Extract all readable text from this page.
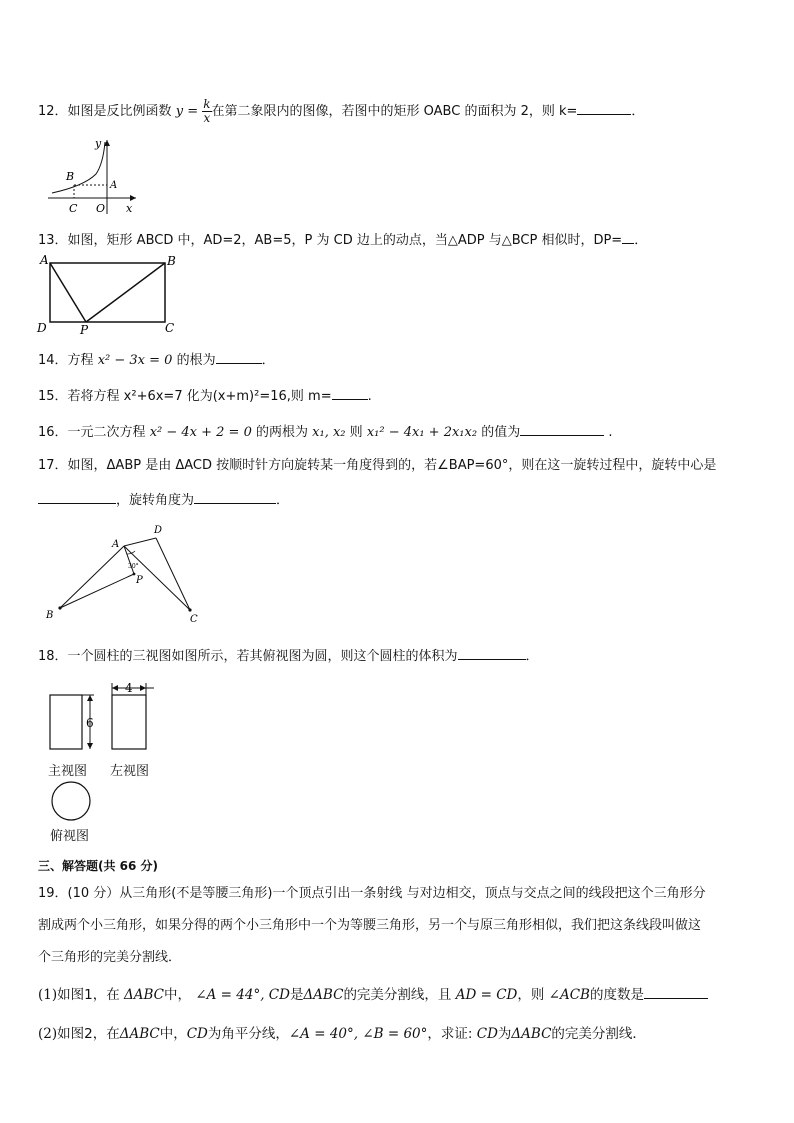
12．如图是反比例函数 $y = \frac{k}{x}$ 在第二象限内的图像，若图中的矩形 OABC 的面积为 2，则 k=	．
y
B
A
C O x
13．如图，矩形 ABCD 中，AD=2，AB=5，P 为 CD 边上的动点，当△ADP 与△BCP 相似时，DP= ．
A	B
D	P	C
14．方程 x² − 3x = 0 的根为	．
15．若将方程 x²+6x=7 化为(x+m)²=16,则 m=	.
16．一元二次方程 x² − 4x + 2 = 0 的两根为 x₁, x₂ 则 x₁² − 4x₁ + 2x₁x₂ 的值为	.
17．如图，ΔABP 是由 ΔACD 按顺时针方向旋转某一角度得到的，若∠BAP=60°，则在这一旋转过程中，旋转中心是
，旋转角度为	．
A
D
P
B	C
30°
18．一个圆柱的三视图如图所示，若其俯视图为圆，则这个圆柱的体积为	．
6
4
主视图 左视图
俯视图
三、解答题(共 66 分)
19．(10 分）从三角形(不是等腰三角形)一个顶点引出一条射线 与对边相交，顶点与交点之间的线段把这个三角形分
割成两个小三角形，如果分得的两个小三角形中一个为等腰三角形，另一个与原三角形相似，我们把这条线段叫做这
个三角形的完美分割线．
(1)如图1，在 ΔABC中， ∠A = 44°, CD是ΔABC的完美分割线，且 AD = CD，则 ∠ACB的度数是
(2)如图2，在ΔABC中，CD为角平分线，∠A = 40°, ∠B = 60°，求证: CD为ΔABC的完美分割线．
